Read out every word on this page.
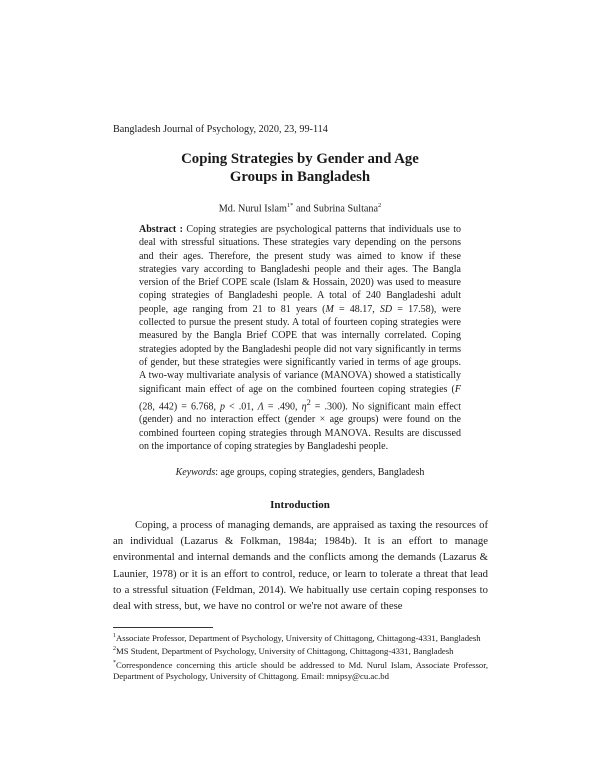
Bangladesh Journal of Psychology, 2020, 23, 99-114
Coping Strategies by Gender and Age
Groups in Bangladesh
Md. Nurul Islam$^{1*}$ and Subrina Sultana$^2$
Abstract : Coping strategies are psychological patterns that individuals use to deal with stressful situations. These strategies vary depending on the persons and their ages. Therefore, the present study was aimed to know if these strategies vary according to Bangladeshi people and their ages. The Bangla version of the Brief COPE scale (Islam & Hossain, 2020) was used to measure coping strategies of Bangladeshi people. A total of 240 Bangladeshi adult people, age ranging from 21 to 81 years (M = 48.17, SD = 17.58), were collected to pursue the present study. A total of fourteen coping strategies were measured by the Bangla Brief COPE that was internally correlated. Coping strategies adopted by the Bangladeshi people did not vary significantly in terms of gender, but these strategies were significantly varied in terms of age groups. A two-way multivariate analysis of variance (MANOVA) showed a statistically significant main effect of age on the combined fourteen coping strategies (F (28, 442) = 6.768, p < .01, Λ = .490, $\eta^2 = .300$). No significant main effect (gender) and no interaction effect (gender × age groups) were found on the combined fourteen coping strategies through MANOVA. Results are discussed on the importance of coping strategies by Bangladeshi people.
Keywords: age groups, coping strategies, genders, Bangladesh
Introduction
Coping, a process of managing demands, are appraised as taxing the resources of an individual (Lazarus & Folkman, 1984a; 1984b). It is an effort to manage environmental and internal demands and the conflicts among the demands (Lazarus & Launier, 1978) or it is an effort to control, reduce, or learn to tolerate a threat that lead to a stressful situation (Feldman, 2014). We habitually use certain coping responses to deal with stress, but, we have no control or we're not aware of these

$^1$Associate Professor, Department of Psychology, University of Chittagong, Chittagong-4331, Bangladesh

$^2$MS Student, Department of Psychology, University of Chittagong, Chittagong-4331, Bangladesh

*Correspondence concerning this article should be addressed to Md. Nurul Islam, Associate Professor, Department of Psychology, University of Chittagong. Email: mnipsy@cu.ac.bd
